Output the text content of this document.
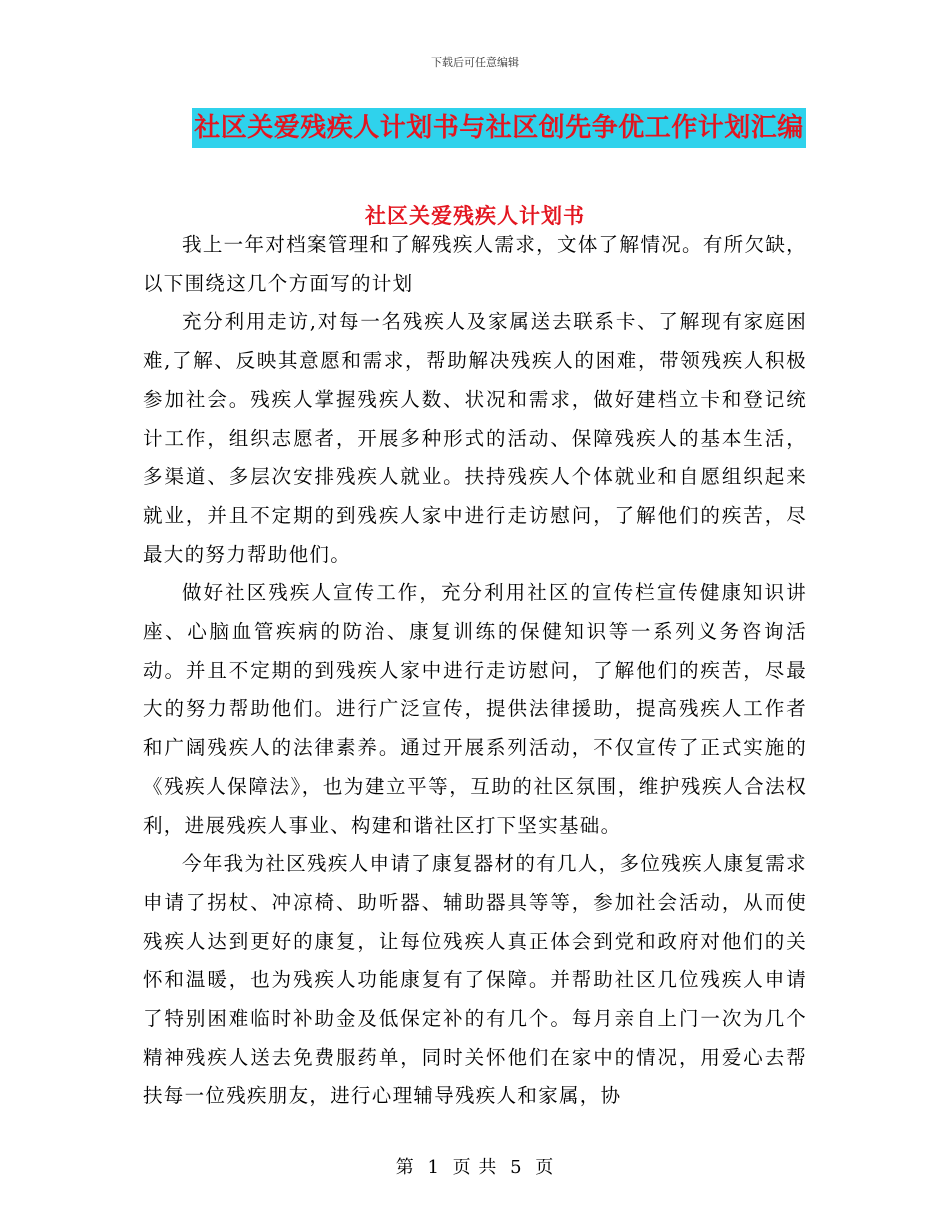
下载后可任意编辑
社区关爱残疾人计划书与社区创先争优工作计划汇编
社区关爱残疾人计划书

我上一年对档案管理和了解残疾人需求，文体了解情况。有所欠缺，以下围绕这几个方面写的计划

充分利用走访,对每一名残疾人及家属送去联系卡、了解现有家庭困难,了解、反映其意愿和需求，帮助解决残疾人的困难，带领残疾人积极参加社会。残疾人掌握残疾人数、状况和需求，做好建档立卡和登记统计工作，组织志愿者，开展多种形式的活动、保障残疾人的基本生活，多渠道、多层次安排残疾人就业。扶持残疾人个体就业和自愿组织起来就业，并且不定期的到残疾人家中进行走访慰问，了解他们的疾苦，尽最大的努力帮助他们。

做好社区残疾人宣传工作，充分利用社区的宣传栏宣传健康知识讲座、心脑血管疾病的防治、康复训练的保健知识等一系列义务咨询活动。并且不定期的到残疾人家中进行走访慰问，了解他们的疾苦，尽最大的努力帮助他们。进行广泛宣传，提供法律援助，提高残疾人工作者和广阔残疾人的法律素养。通过开展系列活动，不仅宣传了正式实施的《残疾人保障法》，也为建立平等，互助的社区氛围，维护残疾人合法权利，进展残疾人事业、构建和谐社区打下坚实基础。

今年我为社区残疾人申请了康复器材的有几人，多位残疾人康复需求申请了拐杖、冲凉椅、助听器、辅助器具等等，参加社会活动，从而使残疾人达到更好的康复，让每位残疾人真正体会到党和政府对他们的关怀和温暖，也为残疾人功能康复有了保障。并帮助社区几位残疾人申请了特别困难临时补助金及低保定补的有几个。每月亲自上门一次为几个精神残疾人送去免费服药单，同时关怀他们在家中的情况，用爱心去帮扶每一位残疾朋友，进行心理辅导残疾人和家属，协

第 1 页 共 5 页
